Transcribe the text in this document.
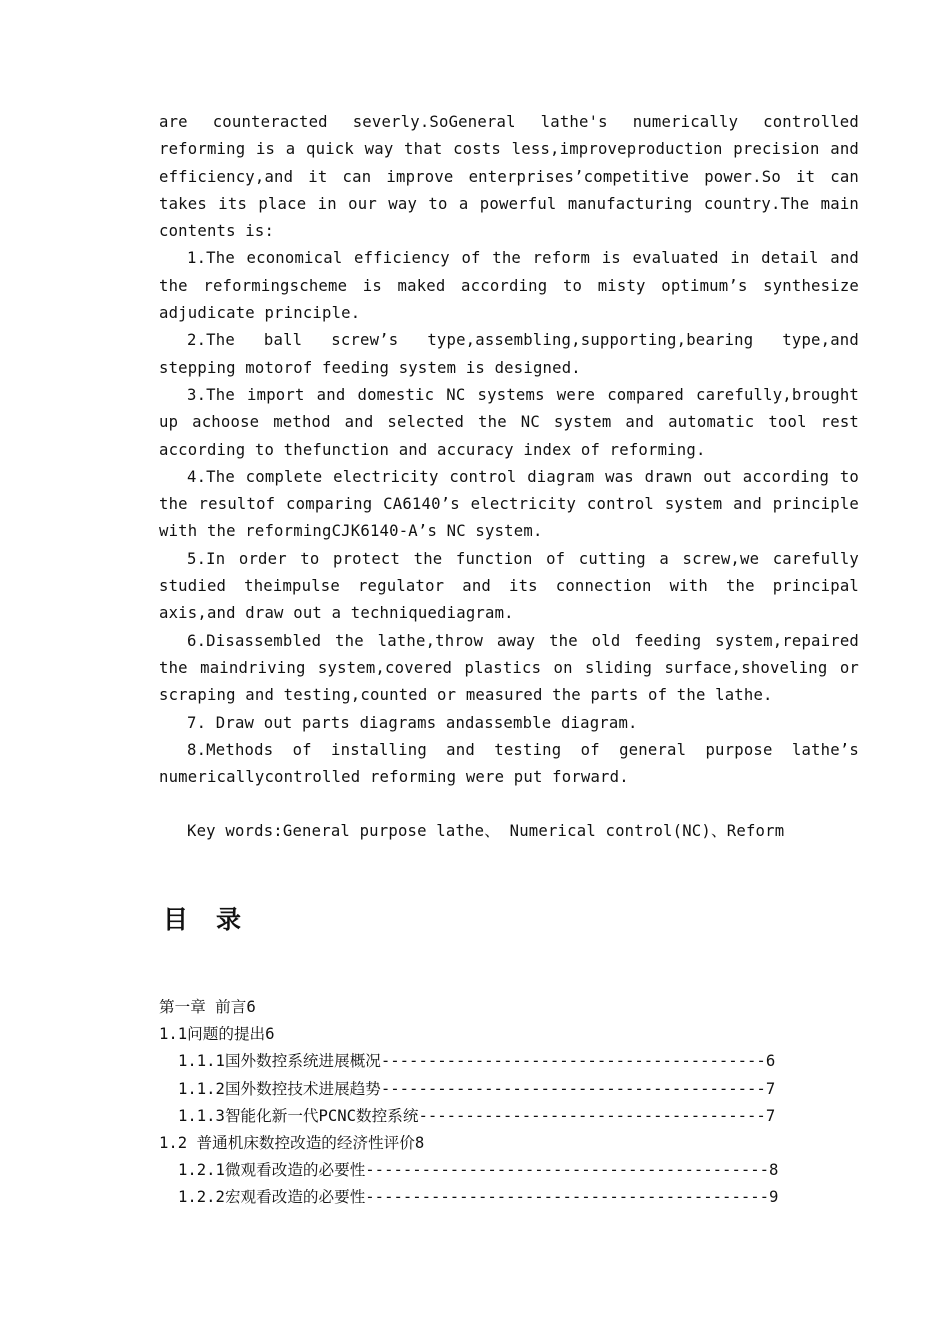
are counteracted severly.SoGeneral lathe's numerically controlled reforming is a quick way that costs less,improveproduction precision and efficiency,and it can improve enterprises’competitive power.So it can takes its place in our way to a powerful manufacturing country.The main contents is:

1.The economical efficiency of the reform is evaluated in detail and the reformingscheme is maked according to misty optimum’s synthesize adjudicate principle.

2.The ball screw’s type,assembling,supporting,bearing type,and stepping motorof feeding system is designed.

3.The import and domestic NC systems were compared carefully,brought up achoose method and selected the NC system and automatic tool rest according to thefunction and accuracy index of reforming.

4.The complete electricity control diagram was drawn out according to the resultof comparing CA6140’s electricity control system and principle with the reformingCJK6140-A’s NC system.

5.In order to protect the function of cutting a screw,we carefully studied theimpulse regulator and its connection with the principal axis,and draw out a techniquediagram.

6.Disassembled the lathe,throw away the old feeding system,repaired the maindriving system,covered plastics on sliding surface,shoveling or scraping and testing,counted or measured the parts of the lathe.

7. Draw out parts diagrams andassemble diagram.

8.Methods of installing and testing of general purpose lathe’s numericallycontrolled reforming were put forward.

Key words:General purpose lathe、 Numerical control(NC)、Reform
目录
第一章 前言 6
1.1问题的提出 6
1.1.1国外数控系统进展概况 ----------------------------------------- 6
1.1.2国外数控技术进展趋势 ----------------------------------------- 7
1.1.3智能化新一代PCNC数控系统 ------------------------------------- 7
1.2 普通机床数控改造的经济性评价 8
1.2.1微观看改造的必要性 ------------------------------------------- 8
1.2.2宏观看改造的必要性 ------------------------------------------- 9
